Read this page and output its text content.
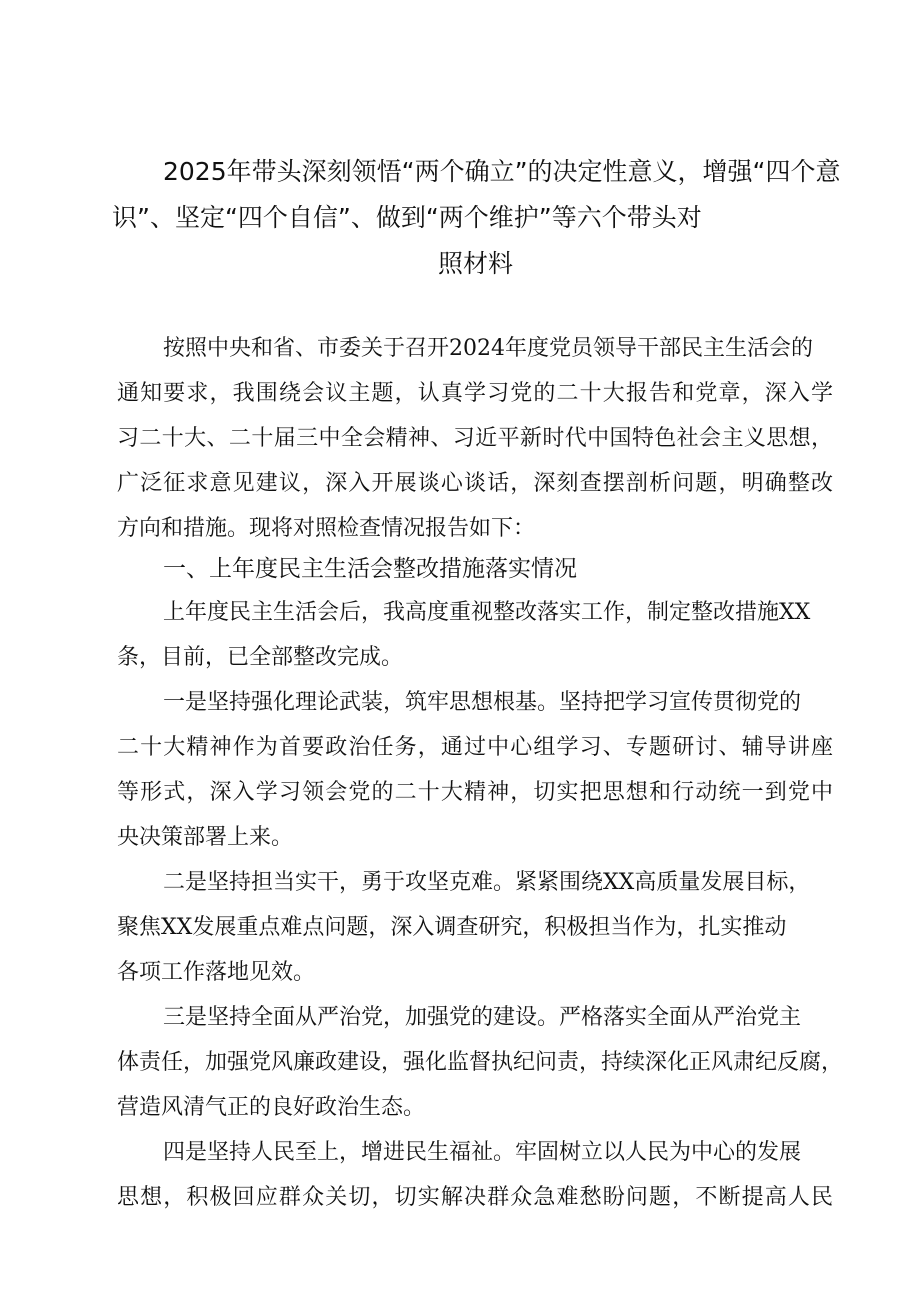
2025年带头深刻领悟“两个确立”的决定性意义，增强“四个意
识”、坚定“四个自信”、做到“两个维护”等六个带头对
照材料
按照中央和省、市委关于召开2024年度党员领导干部民主生活会的
通知要求，我围绕会议主题，认真学习党的二十大报告和党章，深入学
习二十大、二十届三中全会精神、习近平新时代中国特色社会主义思想，
广泛征求意见建议，深入开展谈心谈话，深刻查摆剖析问题，明确整改
方向和措施。现将对照检查情况报告如下：
一、上年度民主生活会整改措施落实情况
上年度民主生活会后，我高度重视整改落实工作，制定整改措施XX
条，目前，已全部整改完成。
一是坚持强化理论武装，筑牢思想根基。坚持把学习宣传贯彻党的
二十大精神作为首要政治任务，通过中心组学习、专题研讨、辅导讲座
等形式，深入学习领会党的二十大精神，切实把思想和行动统一到党中
央决策部署上来。
二是坚持担当实干，勇于攻坚克难。紧紧围绕XX高质量发展目标，
聚焦XX发展重点难点问题，深入调查研究，积极担当作为，扎实推动
各项工作落地见效。
三是坚持全面从严治党，加强党的建设。严格落实全面从严治党主
体责任，加强党风廉政建设，强化监督执纪问责，持续深化正风肃纪反腐，
营造风清气正的良好政治生态。
四是坚持人民至上，增进民生福祉。牢固树立以人民为中心的发展
思想，积极回应群众关切，切实解决群众急难愁盼问题，不断提高人民
